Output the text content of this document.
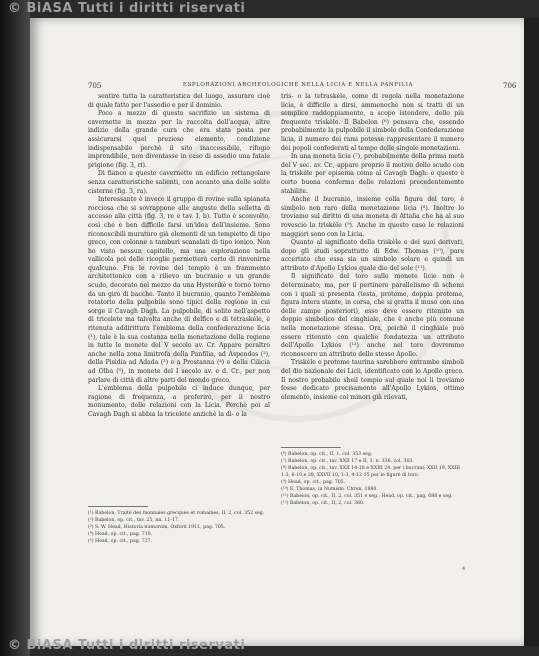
© BiASA Tutti i diritti riservati
© BiASA Tutti i diritti riservati
705	ESPLORAZIONI ARCHEOLOGICHE NELLA LICIA E NELLA PANFILIA	706

sentire tutta la caratteristica del luogo, assurare cioè di quale fatto per l'assedio e per il dominio.

Poco a mezzo di questo sacrifizio un sistema di cavernette in mezzo per la raccolta dell'acqua, altre indizio della grande cura che era stata posta per assicurarsi quel prezioso elemento, condizione indispensabile perchè il sito inaccessibile, rifugio imprendibile, non diventasse in caso di assedio una fatale prigione (fig. 3, ri).

Di fianco a queste cavernette un edificio rettangolare senza caratteristiche salienti, con accanto una delle solite cisterne (fig. 3, ra).

Interessante è invece il gruppo di rovine sulla spianata rocciosa che si sovrappone alle anguste della selletta di accesso alla città (fig. 3, re e tav. I, b). Tutto è sconvolto, così che è ben difficile farsi un'idea dell'insieme. Sono riconoscibili muraturo già elementi di un tempietto di tipo greco, con colonne a tamburi scanalati di tipo ionico. Non ho visto nessun capitello, ma una esplorazione nella vallicola poi delle ricoglie permetterà certo di rinvenirne qualcuno. Fra le rovine del tempio è un frammento architettonico con a rilievo un bucranio e un grande scudo, decorato nel mezzo da una Hysterikè e torno torno da un giro di bacche. Tanto il bucranio, quanto l'emblema rotatorio della pulpobile sono tipici della regione in cui sorge il Cavagh Dagh. La pulpobile, di solito nell'aspetto di tricelete ma talvolta anche di delfico e di tetraskèle, è ritenuta addirittura l'emblema della confederazione licia (¹), tale è la sua costanza nella monetazione della regione in tutte le monete del V secolo av. Cr. Appare peraltro anche nella zona limitrofa della Panfilia, ad Aspendos (²), della Pisidia ad Adada (³) e a Prostanna (⁴) e della Cilicia ad Olba (⁵), in monete del I secolo av. e d. Cr., per non parlare di città di altre parti del mondo greco.

L'emblema della pulpobile ci induce dunque, per ragione di frequenza, a preferire, per il nostro monumento, delle relazioni con la Licia. Perchè poi al Cavagh Dagh si abbia la tricelete anzichè la di- o la

tris- o la tetraskèle, come di regola nella monetazione licia, è difficile a dirsi, ammenochè non si tratti di un semplice raddoppiamento, a scopo istendere, dello più frequente triskèle. Il Babelon (⁶) pensava che, essendo probabilmente la pulpobile il simbolo della Confederazione licia, il numero dei rami potesse rappresentare il numero dei popoli confederati al tempo delle singole monetazioni.

In una moneta licia (⁷), probabilmente della prima metà del V sec. av. Cr., appare proprio il motivo dello scudo con la triskèle per episema come al Cavagh Dagh: e questo è certo buona conferma delle relazioni precedentemente stabilite.

Anche il bucranio, insieme colla figura del toro, è simbolo non raro della monetazione licia (⁸). Inoltre lo troviamo sul diritto di una moneta di Attalia che ha al suo rovescio la triskèle (⁹). Anche in questo caso le relazioni maggiori sono con la Licia.

Quanto al significato della triskèle e dei suoi derivati, dopo gli studi soprattutto di Edw. Thomas (¹⁰), pare accertato che essa sia un simbolo solare e quindi un attributo d'Apollo Lykios quale dio del sole (¹¹).

Il significato del toro sulle monete licie non è determinato; ma, per il pertinere parallelismo di schemi con i quali si presenta (testa, protome, doppia protome, figura intera stante, in corsa, che si gratta il muso con una delle zampe posteriori), esso deve essere ritenuto un doppio simbolico del cinghiale, che è anche più comune nella monetazione stessa. Ora, poichè il cinghiale può essere ritenuto con qualche fondatezza un attributo dell'Apollo Lykios (¹²) anche nel toro dovremmo riconoscere un attributo dello stesso Apollo.

Triskèle e protome taurina sarebbero entrambe simboli del dio nazionale dei Licii, identificato con lo Apollo greco. Il nostro probabile sheil tempio sul quale noi li troviamo fosse dedicato precisamente all'Apollo Lykios, ottimo elemento, insieme coi minori già rilevati,

(¹) Babelon, Traité des monnaies grecques et romaines, II, 2, col. 352 seg.

(²) Babelon, op. cit., tav. 25, nn. 11-17.

(³) S. W. Head, Historia numorum, Oxford 1911, pag. 705.

(⁴) Head, op. cit., pag. 710.

(⁵) Head, op. cit., pag. 727.

(⁶) Babelon, op. cit., II, 1, col. 353 seg.

(⁷) Babelon, op. cit., tav. XXII 17 e II, 1, n. 336, col. 303.

(⁸) Babelon, op. cit., tav. XXII 14-18 e XXIII 24, per i bucrani; XXII 19, XXIII 1-3, 6-10 e 28, XXVII 10, 1-3, 4-12-15 per le figure di toro.

(⁹) Head, op. cit., pag. 705.

(¹⁰) E. Thomas, in Numism. Chron. 1880.

(¹¹) Babelon, op. cit., II, 2, col. 351 e seg.; Head, op. cit., pag. 688 e seg.

(¹²) Babelon, op. cit., II, 2, col. 360.

4
